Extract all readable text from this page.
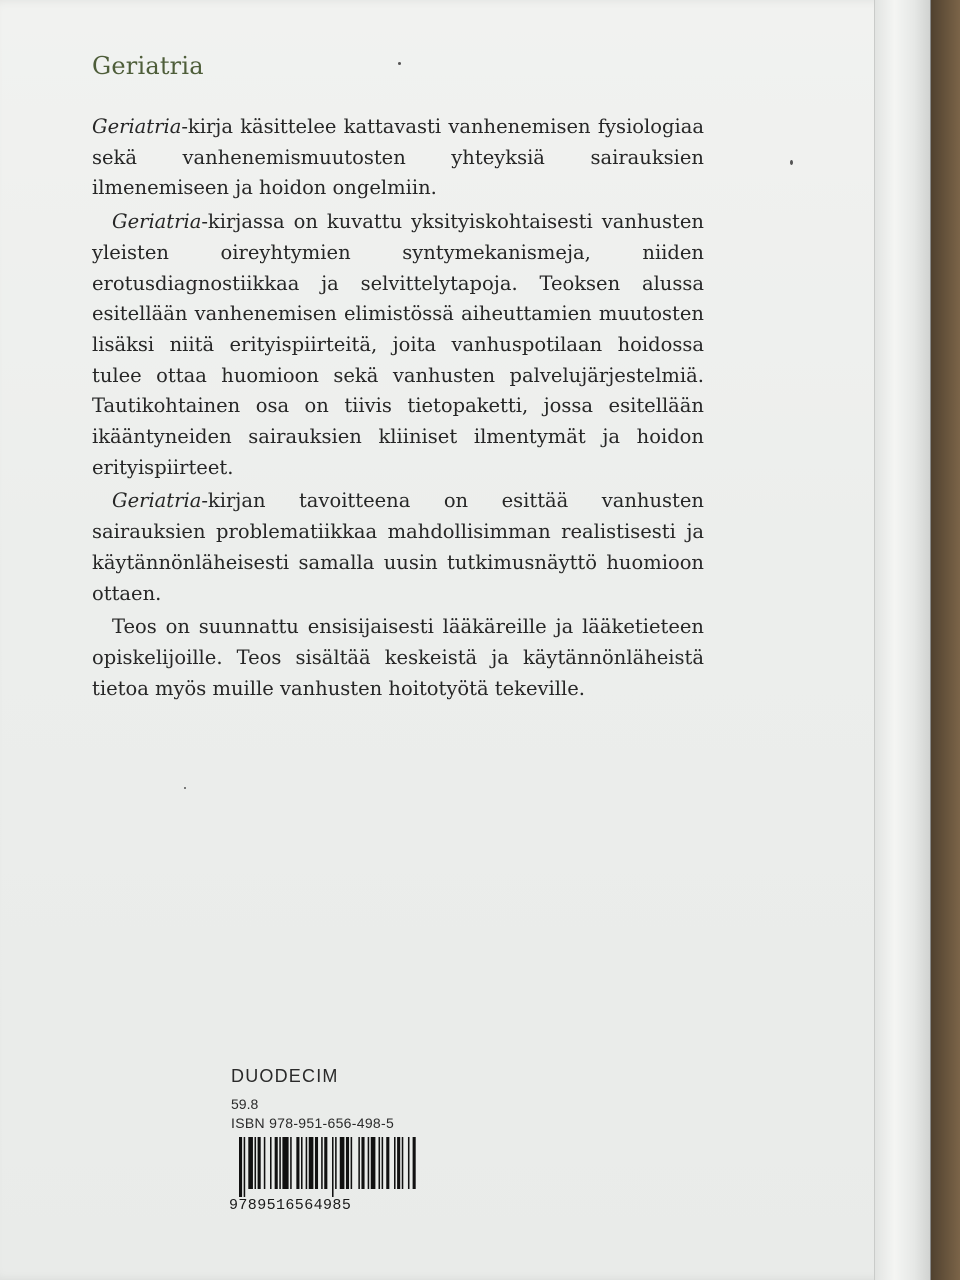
Geriatria

Geriatria-kirja käsittelee kattavasti vanhenemisen fysiologiaa sekä vanhenemismuutosten yhteyksiä sairauksien ilmenemiseen ja hoidon ongelmiin.

Geriatria-kirjassa on kuvattu yksityiskohtaisesti vanhusten yleisten oireyhtymien syntymekanismeja, niiden erotusdiagnostiikkaa ja selvittelytapoja. Teoksen alussa esitellään vanhenemisen elimistössä aiheuttamien muutosten lisäksi niitä erityispiirteitä, joita vanhuspotilaan hoidossa tulee ottaa huomioon sekä vanhusten palvelujärjestelmiä. Tautikohtainen osa on tiivis tietopaketti, jossa esitellään ikääntyneiden sairauksien kliiniset ilmentymät ja hoidon erityispiirteet.

Geriatria-kirjan tavoitteena on esittää vanhusten sairauksien problematiikkaa mahdollisimman realistisesti ja käytännönläheisesti samalla uusin tutkimusnäyttö huomioon ottaen.

Teos on suunnattu ensisijaisesti lääkäreille ja lääketieteen opiskelijoille. Teos sisältää keskeistä ja käytännönläheistä tietoa myös muille vanhusten hoitotyötä tekeville.

DUODECIM
59.8
ISBN 978-951-656-498-5
9789516564985
